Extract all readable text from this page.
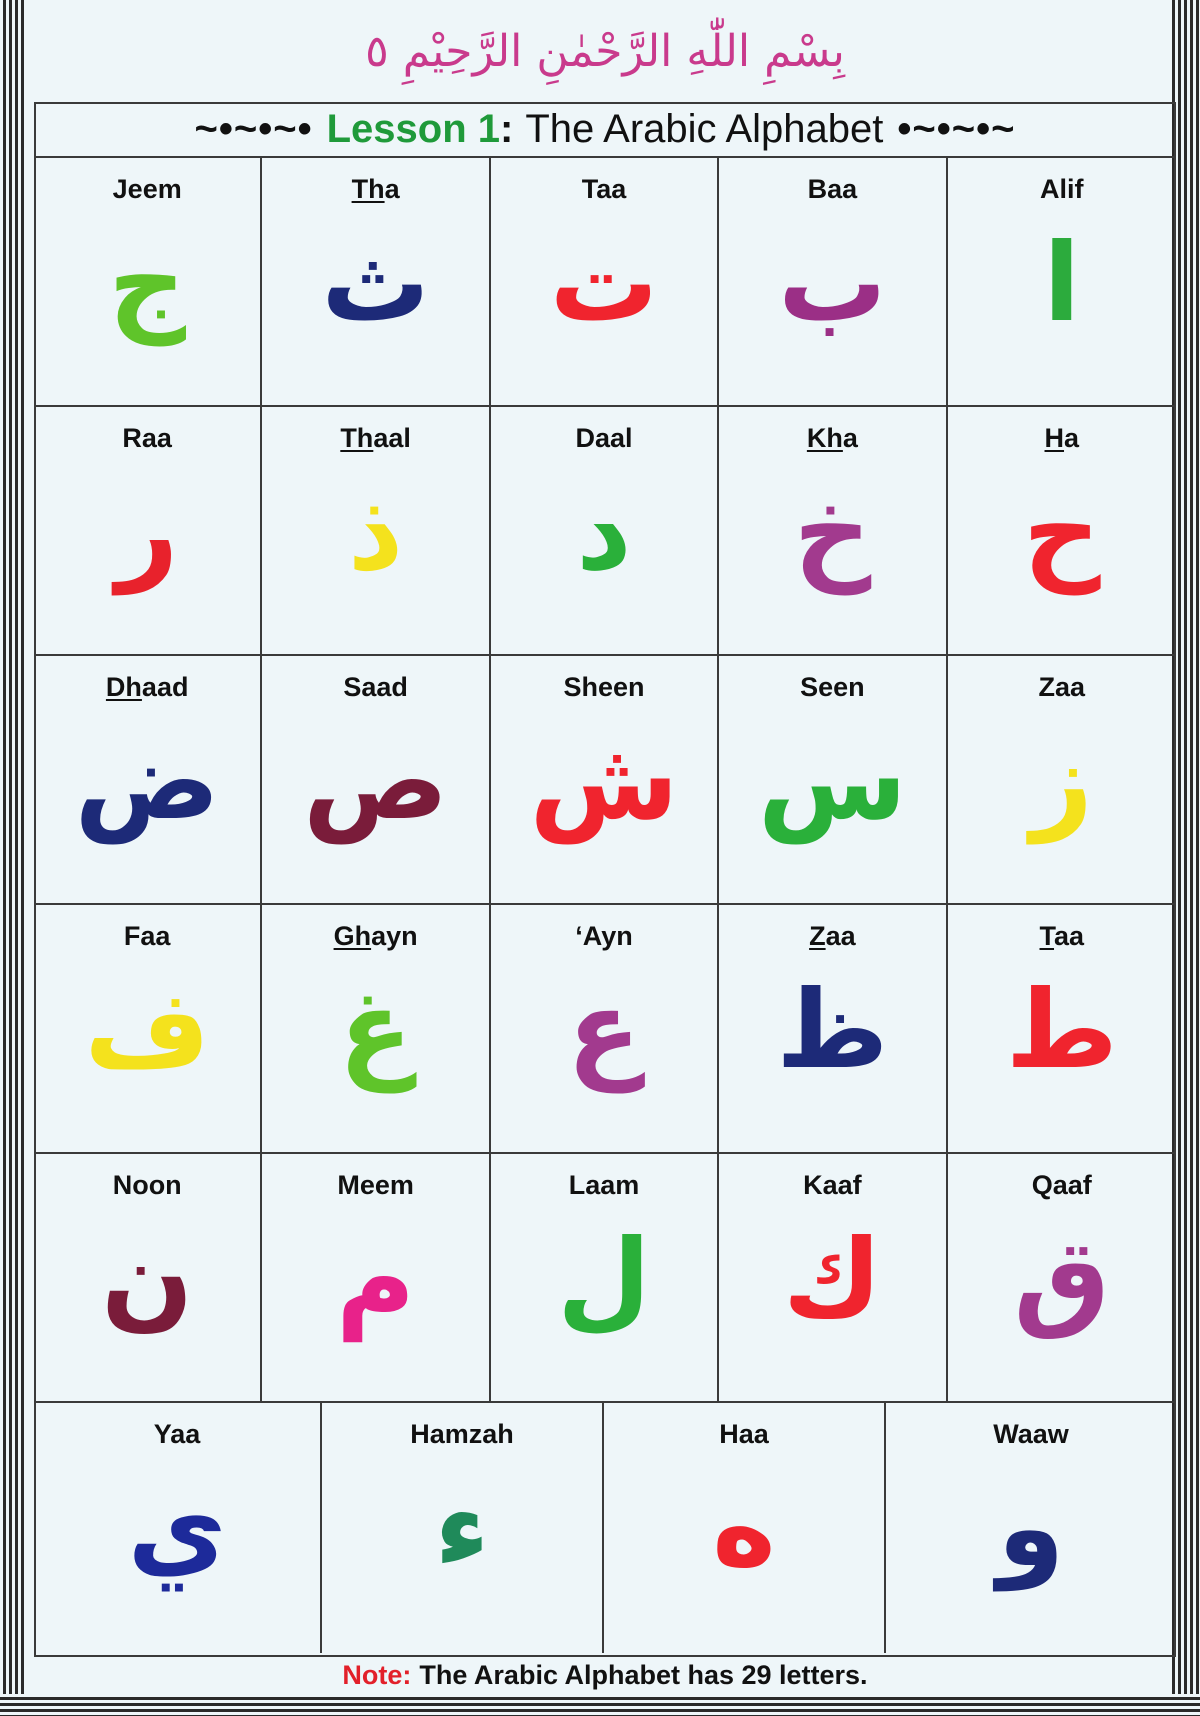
بِسْمِ اللّٰهِ الرَّحْمٰنِ الرَّحِيْمِ ٥
~•~•~• Lesson 1 : The Arabic Alphabet •~•~•~
Jeem
ج
Tha
ث
Taa
ت
Baa
ب
Alif
ا
Raa
ر
Thaal
ذ
Daal
د
Kha
خ
Ha
ح
Dhaad
ض
Saad
ص
Sheen
ش
Seen
س
Zaa
ز
Faa
ف
Ghayn
غ
‘Ayn
ع
Zaa
ظ
Taa
ط
Noon
ن
Meem
م
Laam
ل
Kaaf
ك
Qaaf
ق
Yaa
ي
Hamzah
ء
Haa
ه
Waaw
و
Note: The Arabic Alphabet has 29 letters.
